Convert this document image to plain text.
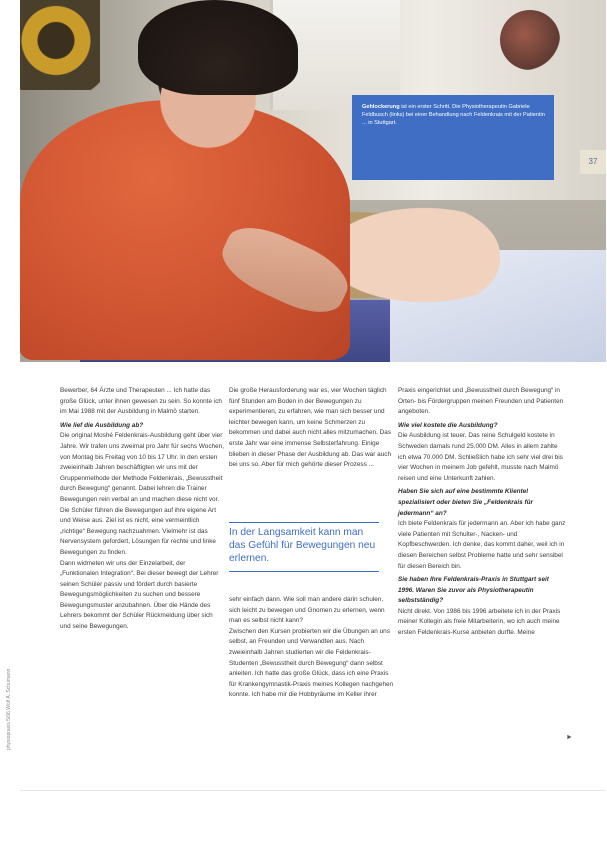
Gehlockerung ist ein erster Schritt. Die Physiotherapeutin Gabriele Feldbusch (links) bei einer Behandlung nach Feldenkrais mit der Patientin ... in Stuttgart.
37
physiopraxis 5/06 Wolf A. Schumann

Bewerber, 64 Ärzte und Therapeuten ... Ich hatte das große Glück, unter ihnen gewesen zu sein. So konnte ich im Mai 1988 mit der Ausbildung in Malmö starten.

Wie lief die Ausbildung ab?

Die original Moshé Feldenkrais-Ausbildung geht über vier Jahre. Wir trafen uns zweimal pro Jahr für sechs Wochen, von Montag bis Freitag von 10 bis 17 Uhr. In den ersten zweieinhalb Jahren beschäftigten wir uns mit der Gruppenmethode der Methode Feldenkrais, „Bewusstheit durch Bewegung“ genannt. Dabei lehren die Trainer Bewegungen rein verbal an und machen diese nicht vor. Die Schüler führen die Bewegungen auf ihre eigene Art und Weise aus. Ziel ist es nicht, eine vermeintlich „richtige“ Bewegung nachzuahmen. Vielmehr ist das Nervensystem gefordert, Lösungen für rechte und linke Bewegungen zu finden.

Dann widmeten wir uns der Einzelarbeit, der „Funktionalen Integration“. Bei dieser bewegt der Lehrer seinen Schüler passiv und fördert durch basierte Bewegungsmöglichkeiten zu suchen und bessere Bewegungsmuster anzubahnen. Über die Hände des Lehrers bekommt der Schüler Rückmeldung über sich und seine Bewegungen.

Die große Herausforderung war es, vier Wochen täglich fünf Stunden am Boden in der Bewegungen zu experimentieren, zu erfahren, wie man sich besser und leichter bewegen kann, um keine Schmerzen zu bekommen und dabei auch nicht alles mitzumachen. Das erste Jahr war eine immense Selbsterfahrung. Einige blieben in dieser Phase der Ausbildung ab. Das war auch bei uns so. Aber für mich gehörte dieser Prozess ...

In der Langsamkeit kann man das Gefühl für Bewegungen neu erlernen.

sehr einfach dann. Wie soll man andere darin schulen, sich leicht zu bewegen und Gnomen zu erlernen, wenn man es selbst nicht kann?

Zwischen den Kursen probierten wir die Übungen an uns selbst, an Freunden und Verwandten aus. Nach zweieinhalb Jahren studierten wir die Feldenkrais-Studenten „Bewusstheit durch Bewegung“ dann selbst anleiten. Ich hatte das große Glück, dass ich eine Praxis für Krankengymnastik-Praxis meines Kollegen nachgehen konnte. Ich habe mir die Hobbyräume im Keller ihrer

Praxis eingerichtet und „Bewusstheit durch Bewegung“ in Orten- bis Fördergruppen meinen Freunden und Patienten angeboten.

Wie viel kostete die Ausbildung?

Die Ausbildung ist teuer. Das reine Schulgeld kostete in Schweden damals rund 25.000 DM. Alles in allem zahlte ich etwa 70.000 DM. Schließlich habe ich sehr viel drei bis vier Wochen in meinem Job gefehlt, musste nach Malmö reisen und eine Unterkunft zahlen.

Haben Sie sich auf eine bestimmte Klientel spezialisiert oder bieten Sie „Feldenkrais für jedermann“ an?

Ich biete Feldenkrais für jedermann an. Aber ich habe ganz viele Patienten mit Schulter-, Nacken- und Kopfbeschwerden. Ich denke, das kommt daher, weil ich in diesen Bereichen selbst Probleme hatte und sehr sensibel für diesen Bereich bin.

Sie haben Ihre Feldenkrais-Praxis in Stuttgart seit 1996. Waren Sie zuvor als Physiotherapeutin selbstständig?

Nicht direkt. Von 1986 bis 1996 arbeitete ich in der Praxis meiner Kollegin als freie Mitarbeiterin, wo ich auch meine ersten Feldenkrais-Kurse anbieten durfte. Meine

►
